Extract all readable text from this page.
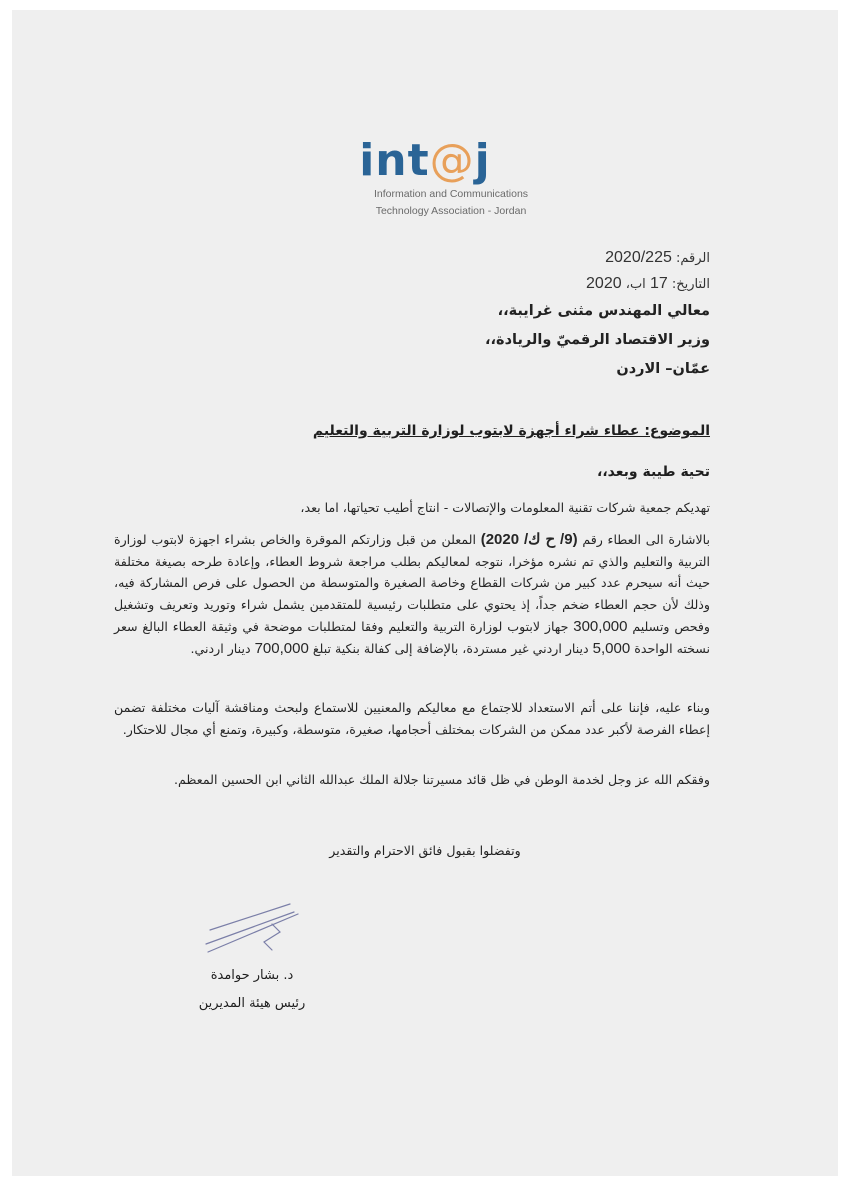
int@j
Information and Communications
Technology Association - Jordan
الرقم: 2020/225
التاريخ: 17 اب، 2020
معالي المهندس مثنى غرايبة،،
وزير الاقتصاد الرقميّ والريادة،،
عمّان– الاردن
الموضوع: عطاء شراء أجهزة لابتوب لوزارة التربية والتعليم
تحية طيبة وبعد،،
تهديكم جمعية شركات تقنية المعلومات والإتصالات - انتاج أطيب تحياتها، اما بعد،
بالاشارة الى العطاء رقم (9/ ح ك/ 2020) المعلن من قبل وزارتكم الموقرة والخاص بشراء اجهزة لابتوب لوزارة التربية والتعليم والذي تم نشره مؤخرا، نتوجه لمعاليكم بطلب مراجعة شروط العطاء، وإعادة طرحه بصيغة مختلفة حيث أنه سيحرم عدد كبير من شركات القطاع وخاصة الصغيرة والمتوسطة من الحصول على فرص المشاركة فيه، وذلك لأن حجم العطاء ضخم جداً، إذ يحتوي على متطلبات رئيسية للمتقدمين يشمل شراء وتوريد وتعريف وتشغيل وفحص وتسليم 300,000 جهاز لابتوب لوزارة التربية والتعليم وفقا لمتطلبات موضحة في وثيقة العطاء البالغ سعر نسخته الواحدة 5,000 دينار اردني غير مستردة، بالإضافة إلى كفالة بنكية تبلغ 700,000 دينار اردني.
وبناء عليه، فإننا على أتم الاستعداد للاجتماع مع معاليكم والمعنيين للاستماع ولبحث ومناقشة آليات مختلفة تضمن إعطاء الفرصة لأكبر عدد ممكن من الشركات بمختلف أحجامها، صغيرة، متوسطة، وكبيرة، وتمنع أي مجال للاحتكار.
وفقكم الله عز وجل لخدمة الوطن في ظل قائد مسيرتنا جلالة الملك عبدالله الثاني ابن الحسين المعظم.
وتفضلوا بقبول فائق الاحترام والتقدير
د. بشار حوامدة
رئيس هيئة المديرين
